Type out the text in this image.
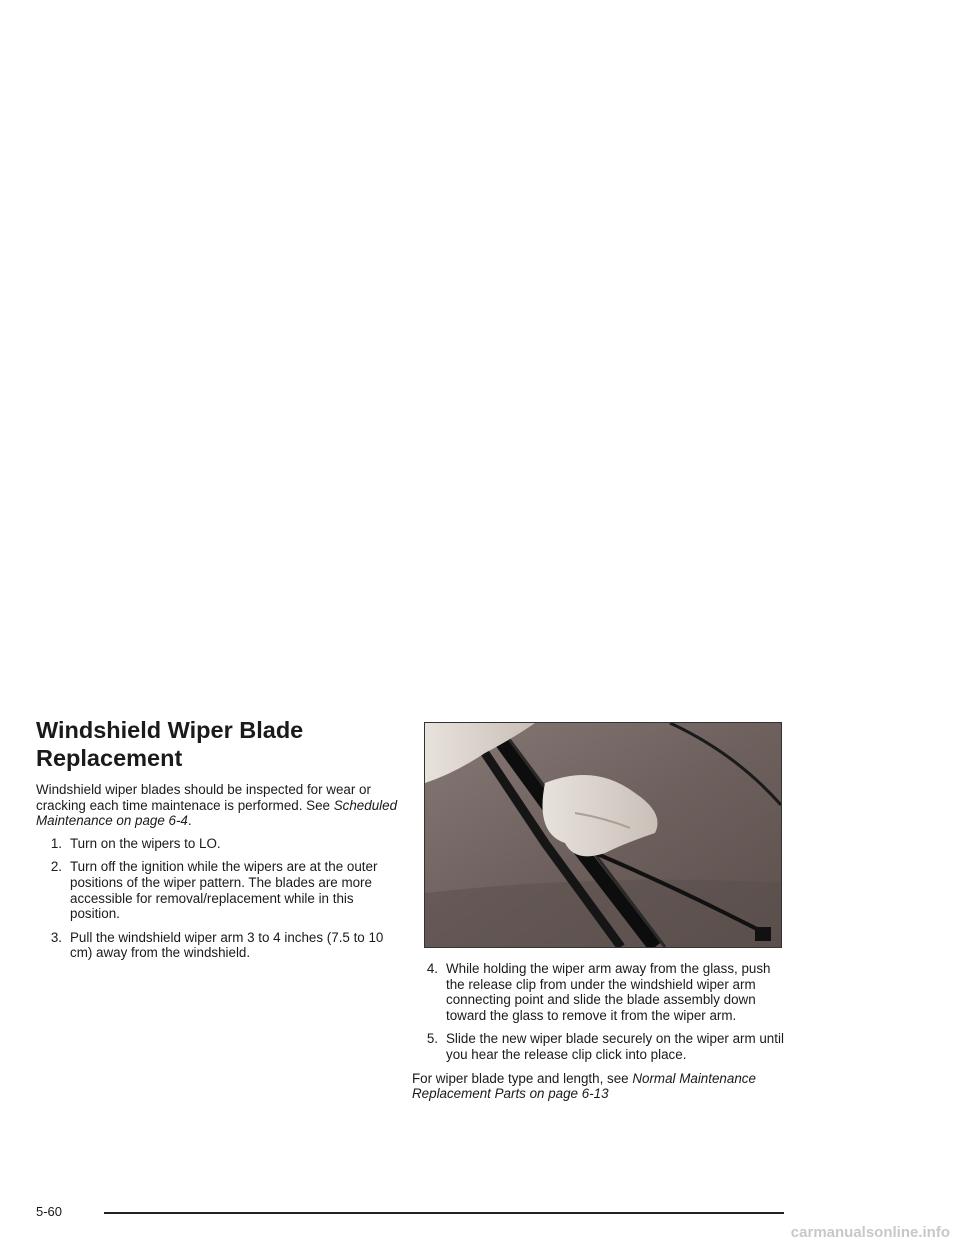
Windshield Wiper Blade Replacement

Windshield wiper blades should be inspected for wear or cracking each time maintenace is performed. See Scheduled Maintenance on page 6-4.

1. Turn on the wipers to LO.
2. Turn off the ignition while the wipers are at the outer positions of the wiper pattern. The blades are more accessible for removal/replacement while in this position.
3. Pull the windshield wiper arm 3 to 4 inches (7.5 to 10 cm) away from the windshield.
4. While holding the wiper arm away from the glass, push the release clip from under the windshield wiper arm connecting point and slide the blade assembly down toward the glass to remove it from the wiper arm.
5. Slide the new wiper blade securely on the wiper arm until you hear the release clip click into place.

For wiper blade type and length, see Normal Maintenance Replacement Parts on page 6-13

5-60
carmanualsonline.info
